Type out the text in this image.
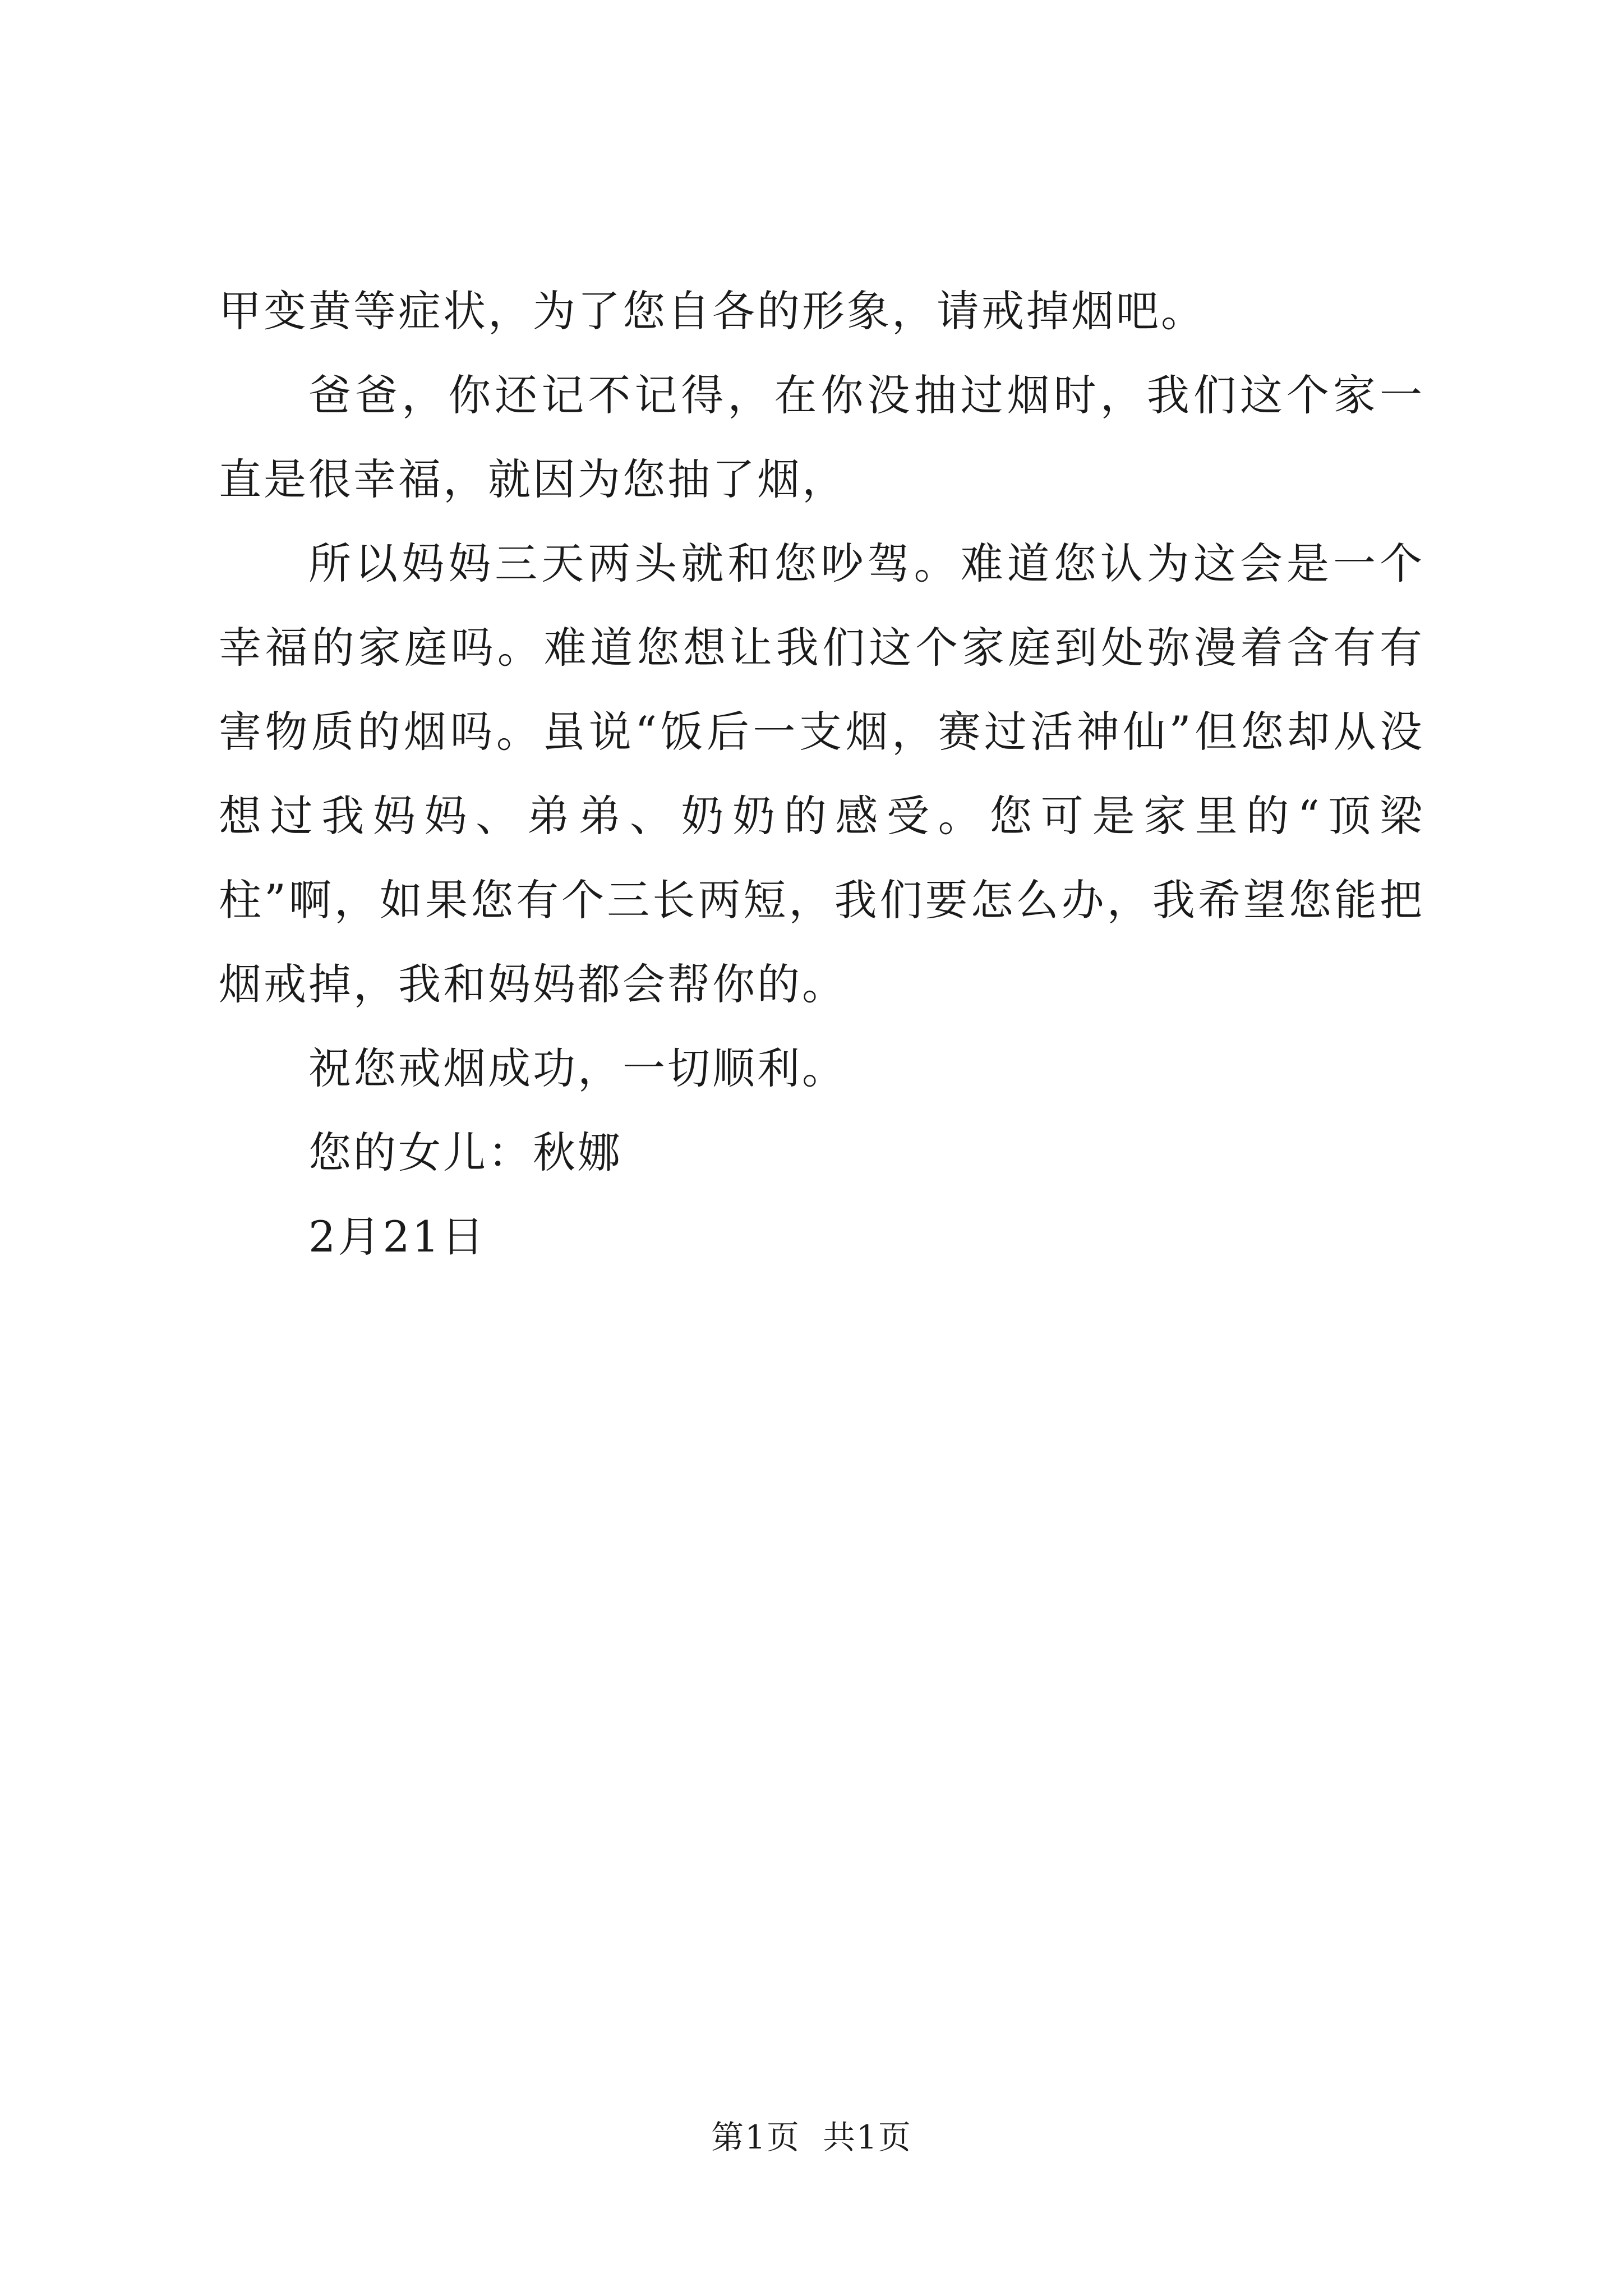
甲变黄等症状，为了您自各的形象，请戒掉烟吧。

爸爸，你还记不记得，在你没抽过烟时，我们这个家一直是很幸福，就因为您抽了烟，

所以妈妈三天两头就和您吵驾。难道您认为这会是一个幸福的家庭吗。难道您想让我们这个家庭到处弥漫着含有有害物质的烟吗。虽说“饭后一支烟，赛过活神仙”但您却从没想过我妈妈、弟弟、奶奶的感受。您可是家里的“顶梁柱”啊，如果您有个三长两短，我们要怎么办，我希望您能把烟戒掉，我和妈妈都会帮你的。

祝您戒烟成功，一切顺利。

您的女儿：秋娜

2月21日

第1页 共1页
